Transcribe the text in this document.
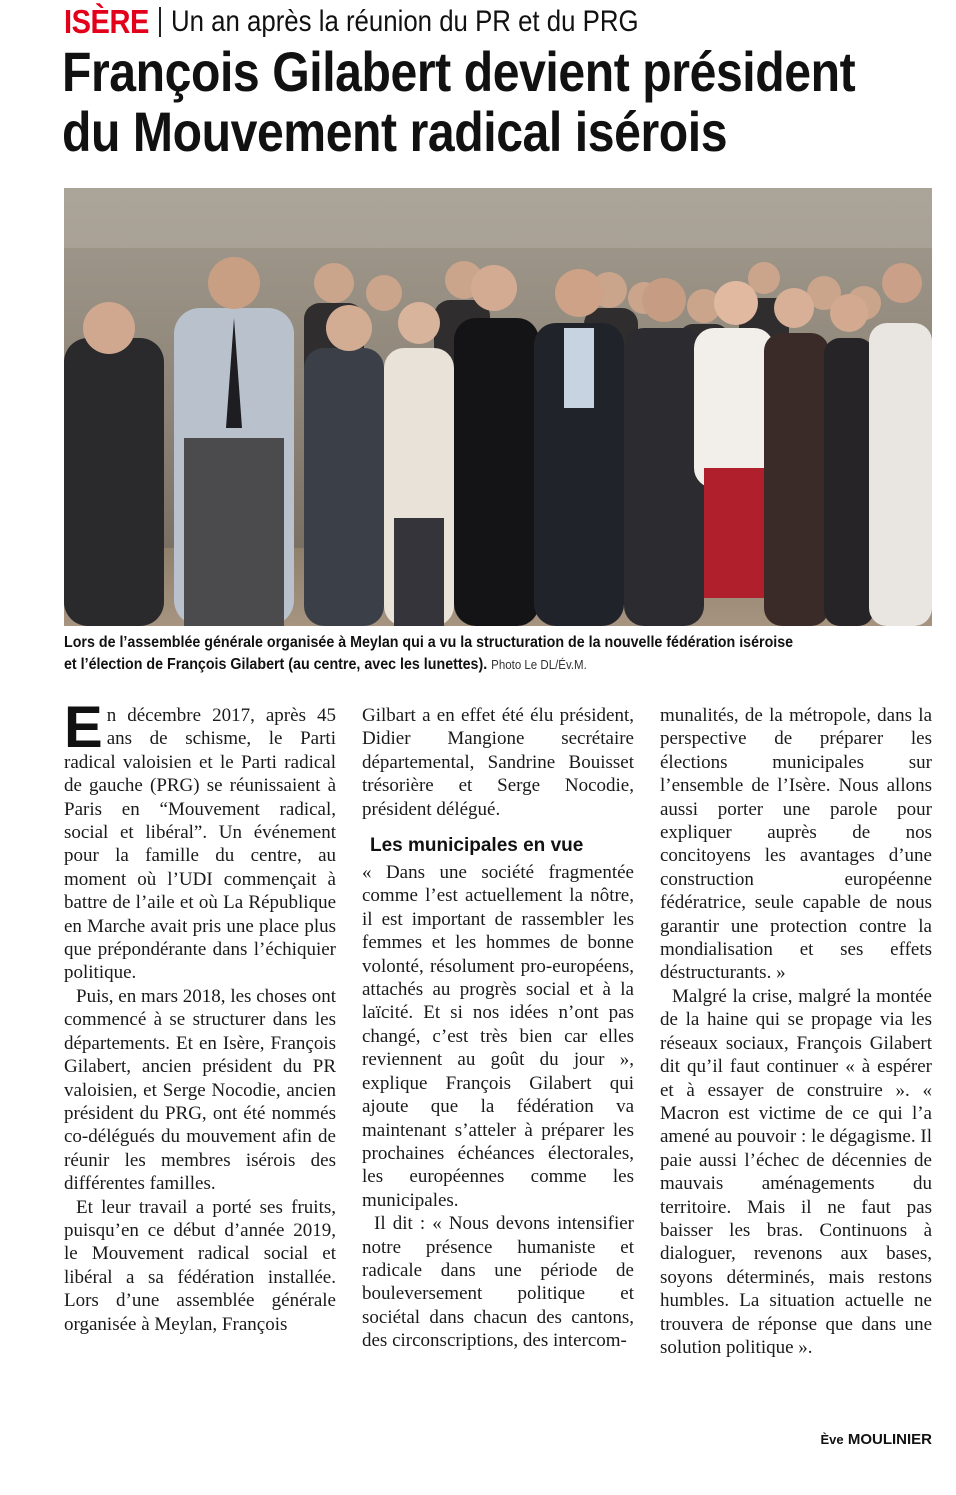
ISÈRE Un an après la réunion du PR et du PRG
François Gilabert devient président
du Mouvement radical isérois
Lors de l’assemblée générale organisée à Meylan qui a vu la structuration de la nouvelle fédération iséroise
et l’élection de François Gilabert (au centre, avec les lunettes). Photo Le DL/Év.M.

En décembre 2017, après 45 ans de schisme, le Parti radical valoisien et le Parti radical de gauche (PRG) se réunissaient à Paris en “Mouvement radical, social et libéral”. Un événement pour la famille du centre, au moment où l’UDI commençait à battre de l’aile et où La République en Marche avait pris une place plus que prépondérante dans l’échiquier politique.

Puis, en mars 2018, les choses ont commencé à se structurer dans les départements. Et en Isère, François Gilabert, ancien président du PR valoisien, et Serge Nocodie, ancien président du PRG, ont été nommés co-délégués du mouvement afin de réunir les membres isérois des différentes familles.

Et leur travail a porté ses fruits, puisqu’en ce début d’année 2019, le Mouvement radical social et libéral a sa fédération installée. Lors d’une assemblée générale organisée à Meylan, François

Gilbart a en effet été élu président, Didier Mangione secrétaire départemental, Sandrine Bouisset trésorière et Serge Nocodie, président délégué.

Les municipales en vue

« Dans une société fragmentée comme l’est actuellement la nôtre, il est important de rassembler les femmes et les hommes de bonne volonté, résolument pro-européens, attachés au progrès social et à la laïcité. Et si nos idées n’ont pas changé, c’est très bien car elles reviennent au goût du jour », explique François Gilabert qui ajoute que la fédération va maintenant s’atteler à préparer les prochaines échéances électorales, les européennes comme les municipales.

Il dit : « Nous devons intensifier notre présence humaniste et radicale dans une période de bouleversement politique et sociétal dans chacun des cantons, des circonscriptions, des intercom-

munalités, de la métropole, dans la perspective de préparer les élections municipales sur l’ensemble de l’Isère. Nous allons aussi porter une parole pour expliquer auprès de nos concitoyens les avantages d’une construction européenne fédératrice, seule capable de nous garantir une protection contre la mondialisation et ses effets déstructurants. »

Malgré la crise, malgré la montée de la haine qui se propage via les réseaux sociaux, François Gilabert dit qu’il faut continuer « à espérer et à essayer de construire ». « Macron est victime de ce qui l’a amené au pouvoir : le dégagisme. Il paie aussi l’échec de décennies de mauvais aménagements du territoire. Mais il ne faut pas baisser les bras. Continuons à dialoguer, revenons aux bases, soyons déterminés, mais restons humbles. La situation actuelle ne trouvera de réponse que dans une solution politique ».

Ève MOULINIER
